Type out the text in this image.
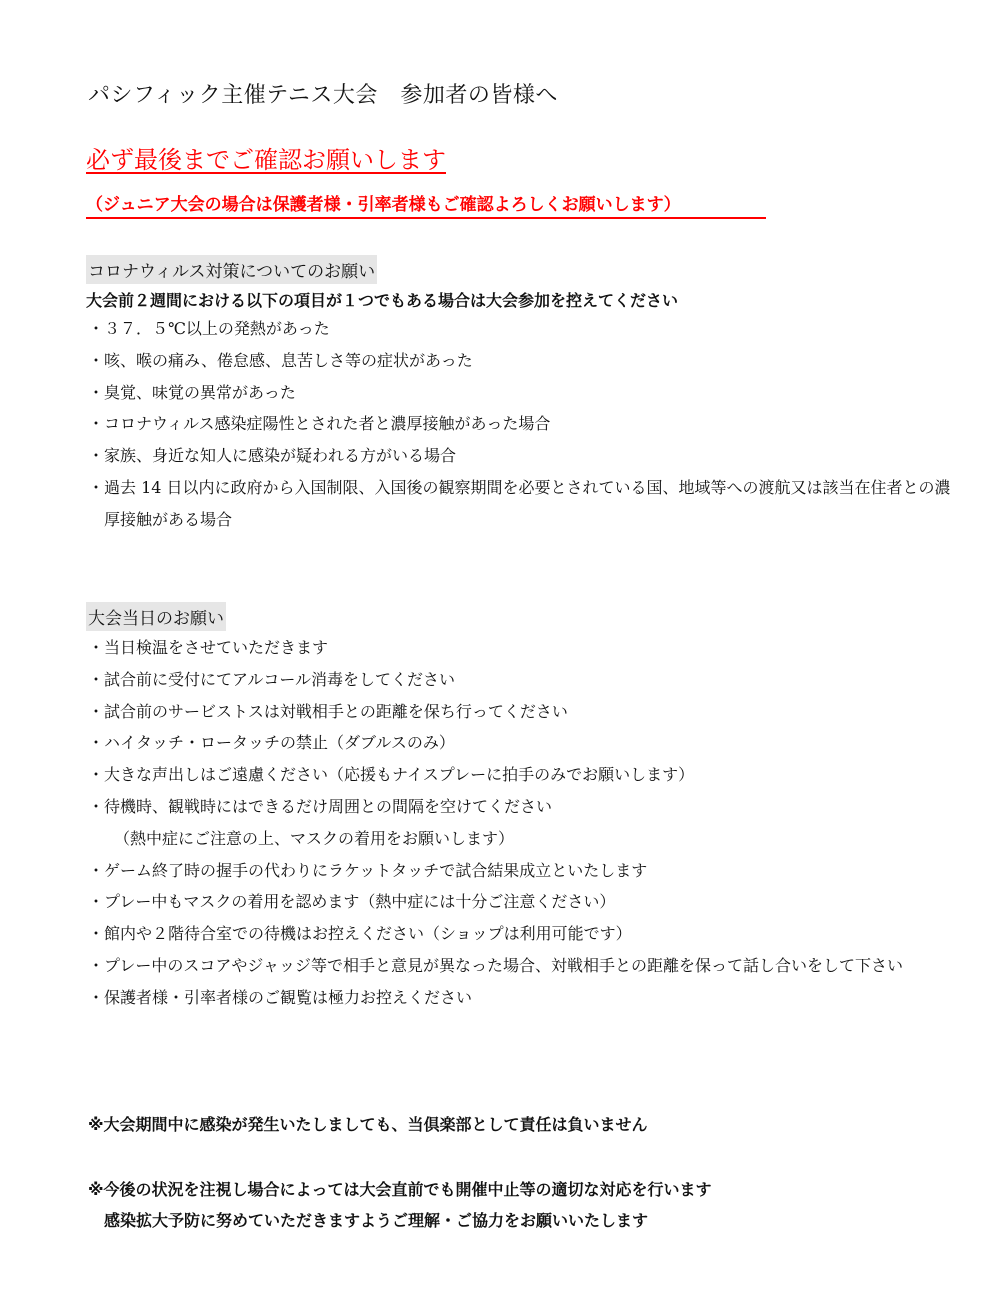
パシフィック主催テニス大会　参加者の皆様へ
必ず最後までご確認お願いします
（ジュニア大会の場合は保護者様・引率者様もご確認よろしくお願いします）
コロナウィルス対策についてのお願い
大会前２週間における以下の項目が１つでもある場合は大会参加を控えてください
・３７．５℃以上の発熱があった
・咳、喉の痛み、倦怠感、息苦しさ等の症状があった
・臭覚、味覚の異常があった
・コロナウィルス感染症陽性とされた者と濃厚接触があった場合
・家族、身近な知人に感染が疑われる方がいる場合
・過去 14 日以内に政府から入国制限、入国後の観察期間を必要とされている国、地域等への渡航又は該当在住者との濃厚接触がある場合
大会当日のお願い
・当日検温をさせていただきます
・試合前に受付にてアルコール消毒をしてください
・試合前のサービストスは対戦相手との距離を保ち行ってください
・ハイタッチ・ロータッチの禁止（ダブルスのみ）
・大きな声出しはご遠慮ください（応援もナイスプレーに拍手のみでお願いします）
・待機時、観戦時にはできるだけ周囲との間隔を空けてください
（熱中症にご注意の上、マスクの着用をお願いします）
・ゲーム終了時の握手の代わりにラケットタッチで試合結果成立といたします
・プレー中もマスクの着用を認めます（熱中症には十分ご注意ください）
・館内や２階待合室での待機はお控えください（ショップは利用可能です）
・プレー中のスコアやジャッジ等で相手と意見が異なった場合、対戦相手との距離を保って話し合いをして下さい
・保護者様・引率者様のご観覧は極力お控えください
※大会期間中に感染が発生いたしましても、当倶楽部として責任は負いません
※今後の状況を注視し場合によっては大会直前でも開催中止等の適切な対応を行います
感染拡大予防に努めていただきますようご理解・ご協力をお願いいたします
